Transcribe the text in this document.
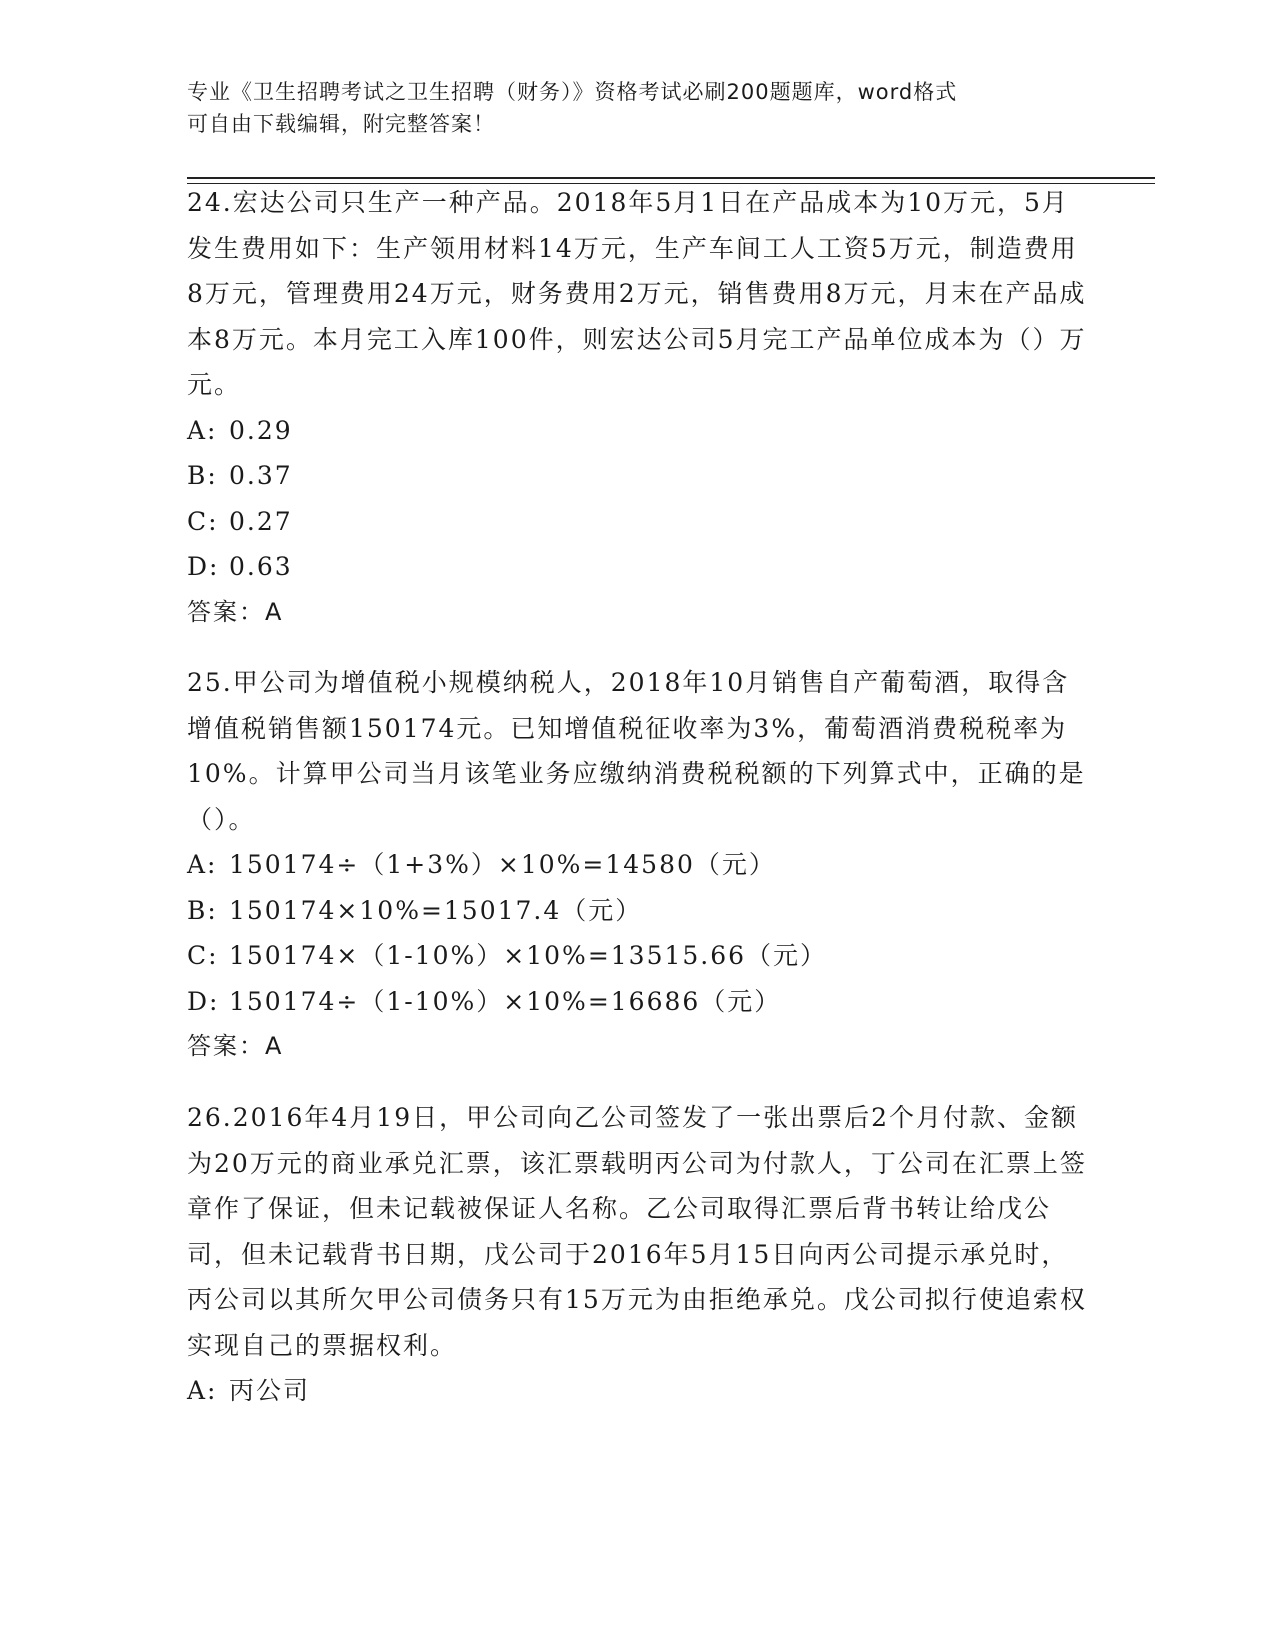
专业《卫生招聘考试之卫生招聘（财务）》资格考试必刷200题题库，word格式
可自由下载编辑，附完整答案！

24.宏达公司只生产一种产品。2018年5月1日在产品成本为10万元，5月发生费用如下：生产领用材料14万元，生产车间工人工资5万元，制造费用8万元，管理费用24万元，财务费用2万元，销售费用8万元，月末在产品成本8万元。本月完工入库100件，则宏达公司5月完工产品单位成本为（）万元。

A: 0.29

B: 0.37

C: 0.27

D: 0.63

答案：A

25.甲公司为增值税小规模纳税人，2018年10月销售自产葡萄酒，取得含增值税销售额150174元。已知增值税征收率为3%，葡萄酒消费税税率为10%。计算甲公司当月该笔业务应缴纳消费税税额的下列算式中，正确的是（）。

A: 150174÷（1+3%）×10%=14580（元）

B: 150174×10%=15017.4（元）

C: 150174×（1-10%）×10%=13515.66（元）

D: 150174÷（1-10%）×10%=16686（元）

答案：A

26.2016年4月19日，甲公司向乙公司签发了一张出票后2个月付款、金额为20万元的商业承兑汇票，该汇票载明丙公司为付款人，丁公司在汇票上签章作了保证，但未记载被保证人名称。乙公司取得汇票后背书转让给戊公司，但未记载背书日期，戊公司于2016年5月15日向丙公司提示承兑时，丙公司以其所欠甲公司债务只有15万元为由拒绝承兑。戊公司拟行使追索权实现自己的票据权利。

A: 丙公司
